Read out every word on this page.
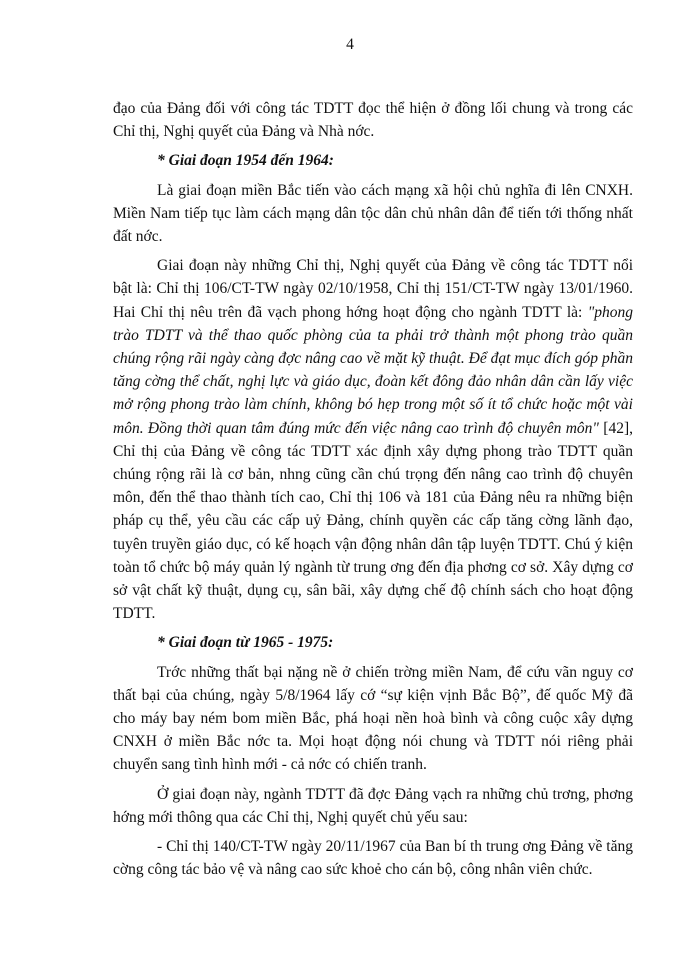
4

đạo của Đảng đối với công tác TDTT đọc thể hiện ở đồng lối chung và trong các Chỉ thị, Nghị quyết của Đảng và Nhà nớc.

* Giai đoạn 1954 đến 1964:

Là giai đoạn miền Bắc tiến vào cách mạng xã hội chủ nghĩa đi lên CNXH. Miền Nam tiếp tục làm cách mạng dân tộc dân chủ nhân dân để tiến tới thống nhất đất nớc.

Giai đoạn này những Chỉ thị, Nghị quyết của Đảng về công tác TDTT nổi bật là: Chỉ thị 106/CT-TW ngày 02/10/1958, Chỉ thị 151/CT-TW ngày 13/01/1960. Hai Chỉ thị nêu trên đã vạch phong hớng hoạt động cho ngành TDTT là: "phong trào TDTT và thể thao quốc phòng của ta phải trở thành một phong trào quần chúng rộng rãi ngày càng đợc nâng cao về mặt kỹ thuật. Để đạt mục đích góp phần tăng cờng thể chất, nghị lực và giáo dục, đoàn kết đông đảo nhân dân cần lấy việc mở rộng phong trào làm chính, không bó hẹp trong một số ít tổ chức hoặc một vài môn. Đồng thời quan tâm đúng mức đến việc nâng cao trình độ chuyên môn" [42], Chỉ thị của Đảng về công tác TDTT xác định xây dựng phong trào TDTT quần chúng rộng rãi là cơ bản, nhng cũng cần chú trọng đến nâng cao trình độ chuyên môn, đến thể thao thành tích cao, Chỉ thị 106 và 181 của Đảng nêu ra những biện pháp cụ thể, yêu cầu các cấp uỷ Đảng, chính quyền các cấp tăng cờng lãnh đạo, tuyên truyền giáo dục, có kế hoạch vận động nhân dân tập luyện TDTT. Chú ý kiện toàn tổ chức bộ máy quản lý ngành từ trung ơng đến địa phơng cơ sở. Xây dựng cơ sở vật chất kỹ thuật, dụng cụ, sân bãi, xây dựng chế độ chính sách cho hoạt động TDTT.

* Giai đoạn từ 1965 - 1975:

Trớc những thất bại nặng nề ở chiến trờng miền Nam, để cứu vãn nguy cơ thất bại của chúng, ngày 5/8/1964 lấy cớ “sự kiện vịnh Bắc Bộ”, đế quốc Mỹ đã cho máy bay ném bom miền Bắc, phá hoại nền hoà bình và công cuộc xây dựng CNXH ở miền Bắc nớc ta. Mọi hoạt động nói chung và TDTT nói riêng phải chuyển sang tình hình mới - cả nớc có chiến tranh.

Ở giai đoạn này, ngành TDTT đã đợc Đảng vạch ra những chủ trơng, phơng hớng mới thông qua các Chỉ thị, Nghị quyết chủ yếu sau:

- Chỉ thị 140/CT-TW ngày 20/11/1967 của Ban bí th trung ơng Đảng về tăng cờng công tác bảo vệ và nâng cao sức khoẻ cho cán bộ, công nhân viên chức.
